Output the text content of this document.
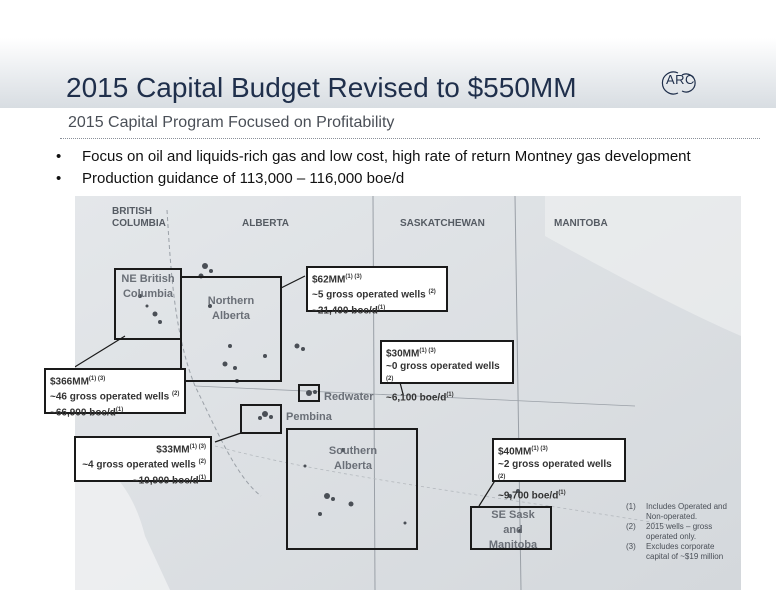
2015 Capital Budget Revised to $550MM	ARC
2015 Capital Program Focused on Profitability
• Focus on oil and liquids-rich gas and low cost, high rate of return Montney gas development
• Production guidance of 113,000 – 116,000 boe/d
BRITISH
COLUMBIA	ALBERTA	SASKATCHEWAN	MANITOBA
NE British
Columbia
Northern
Alberta
Redwater
Pembina
Southern
Alberta
SE Sask
and
Manitoba
$\$62MM^{(1) (3)}$
~5 gross operated wells $^{(2)}$
~21,400 boe/$d^{(1)}$
$\$30MM^{(1) (3)}$
~0 gross operated wells $^{(2)}$
~6,100 boe/$d^{(1)}$
$\$366MM^{(1) (3)}$
~46 gross operated wells $^{(2)}$
~66,900 boe/$d^{(1)}$
$\$33MM^{(1) (3)}$
~4 gross operated wells $^{(2)}$
~10,900 boe/$d^{(1)}$
$\$40MM^{(1) (3)}$
~2 gross operated wells $^{(2)}$
~9,700 boe/$d^{(1)}$
(1)	Includes Operated and
Non-operated.
(2)	2015 wells – gross
operated only.
(3)	Excludes corporate
capital of ~$19 million
